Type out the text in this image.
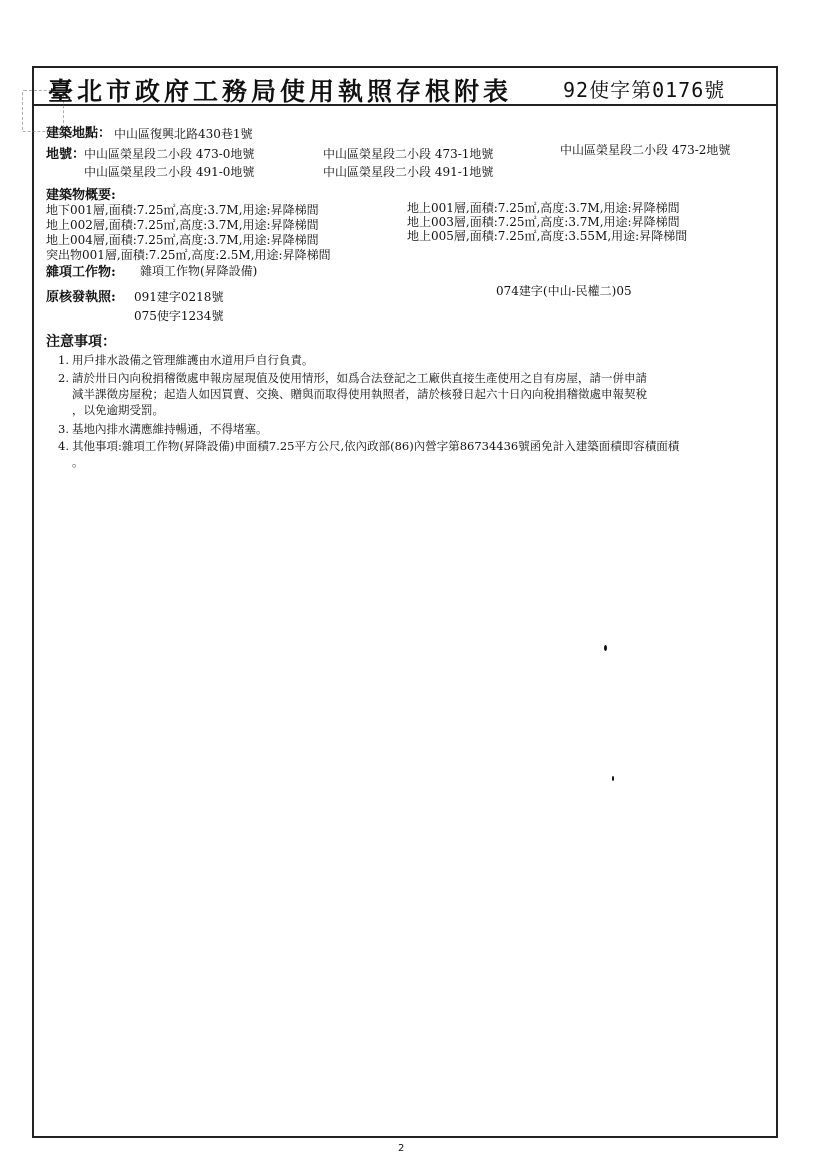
臺北市政府工務局使用執照存根附表	92使字第0176號
建築地點： 中山區復興北路430巷1號
地號：
中山區榮星段二小段 473-0地號	中山區榮星段二小段 473-1地號	中山區榮星段二小段 473-2地號
中山區榮星段二小段 491-0地號	中山區榮星段二小段 491-1地號
建築物概要:
地下001層,面積:7.25㎡,高度:3.7M,用途:昇降梯間
地上002層,面積:7.25㎡,高度:3.7M,用途:昇降梯間
地上004層,面積:7.25㎡,高度:3.7M,用途:昇降梯間
突出物001層,面積:7.25㎡,高度:2.5M,用途:昇降梯間
地上001層,面積:7.25㎡,高度:3.7M,用途:昇降梯間
地上003層,面積:7.25㎡,高度:3.7M,用途:昇降梯間
地上005層,面積:7.25㎡,高度:3.55M,用途:昇降梯間
雜項工作物: 雜項工作物(昇降設備)
原核發執照: 091建字0218號	074建字(中山-民權二)05
075使字1234號
注意事項：
1. 用戶排水設備之管理維護由水道用戶自行負責。
2. 請於卅日內向稅捐稽徵處申報房屋現值及使用情形，如爲合法登記之工廠供直接生產使用之自有房屋，請一併申請
減半課徵房屋稅；起造人如因買賣、交換、贈與而取得使用執照者，請於核發日起六十日內向稅捐稽徵處申報契稅
，以免逾期受罰。
3. 基地內排水溝應維持暢通，不得堵塞。
4. 其他事項:雜項工作物(昇降設備)申面積7.25平方公尺,依內政部(86)內營字第86734436號函免計入建築面積即容積面積
。
2
